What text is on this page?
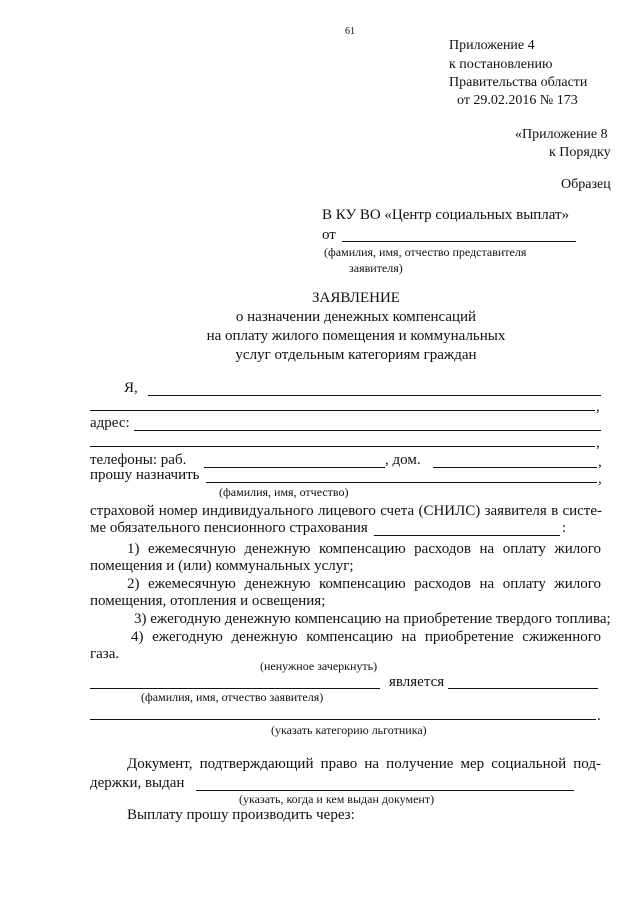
61
Приложение 4
к постановлению
Правительства области
от 29.02.2016 № 173
«Приложение 8
к Порядку
Образец
В КУ ВО «Центр социальных выплат»
от
(фамилия, имя, отчество представителя
заявителя)
ЗАЯВЛЕНИЕ
о назначении денежных компенсаций
на оплату жилого помещения и коммунальных
услуг отдельным категориям граждан
Я,
,
адрес:
,
телефоны: раб.	, дом.	,
прошу назначить	,
(фамилия, имя, отчество)
страховой номер индивидуального лицевого счета (СНИЛС) заявителя в систе-
ме обязательного пенсионного страхования	:
1) ежемесячную денежную компенсацию расходов на оплату жилого
помещения и (или) коммунальных услуг;
2) ежемесячную денежную компенсацию расходов на оплату жилого
помещения, отопления и освещения;
3) ежегодную денежную компенсацию на приобретение твердого топлива;
4) ежегодную денежную компенсацию на приобретение сжиженного
газа.
(ненужное зачеркнуть)
является
(фамилия, имя, отчество заявителя)
.
(указать категорию льготника)
Документ, подтверждающий право на получение мер социальной под-
держки, выдан
(указать, когда и кем выдан документ)
Выплату прошу производить через:
